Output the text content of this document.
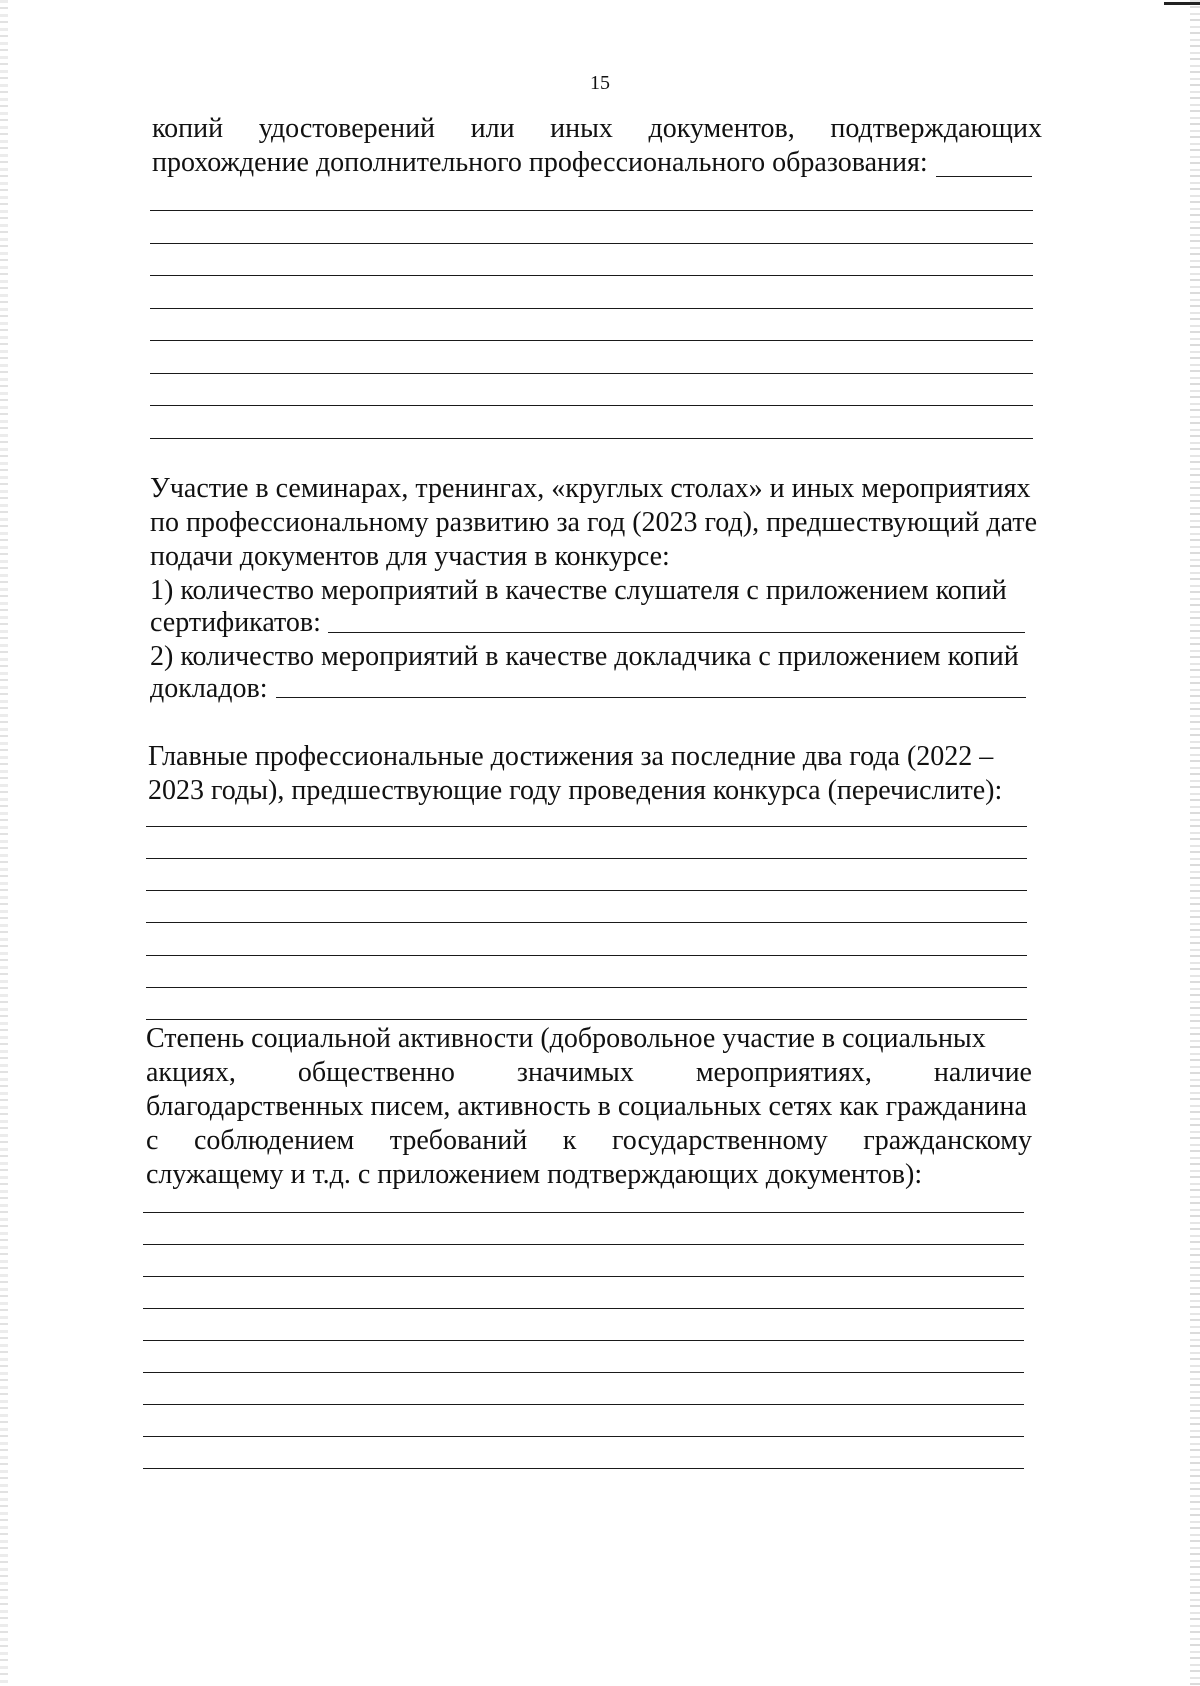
15
копий удостоверений или иных документов, подтверждающих
прохождение дополнительного профессионального образования:
Участие в семинарах, тренингах, «круглых столах» и иных мероприятиях
по профессиональному развитию за год (2023 год), предшествующий дате
подачи документов для участия в конкурсе:
1) количество мероприятий в качестве слушателя с приложением копий
сертификатов:
2) количество мероприятий в качестве докладчика с приложением копий
докладов:
Главные профессиональные достижения за последние два года (2022 –
2023 годы), предшествующие году проведения конкурса (перечислите):
Степень социальной активности (добровольное участие в социальных
акциях, общественно значимых мероприятиях, наличие
благодарственных писем, активность в социальных сетях как гражданина
с соблюдением требований к государственному гражданскому
служащему и т.д. с приложением подтверждающих документов):
